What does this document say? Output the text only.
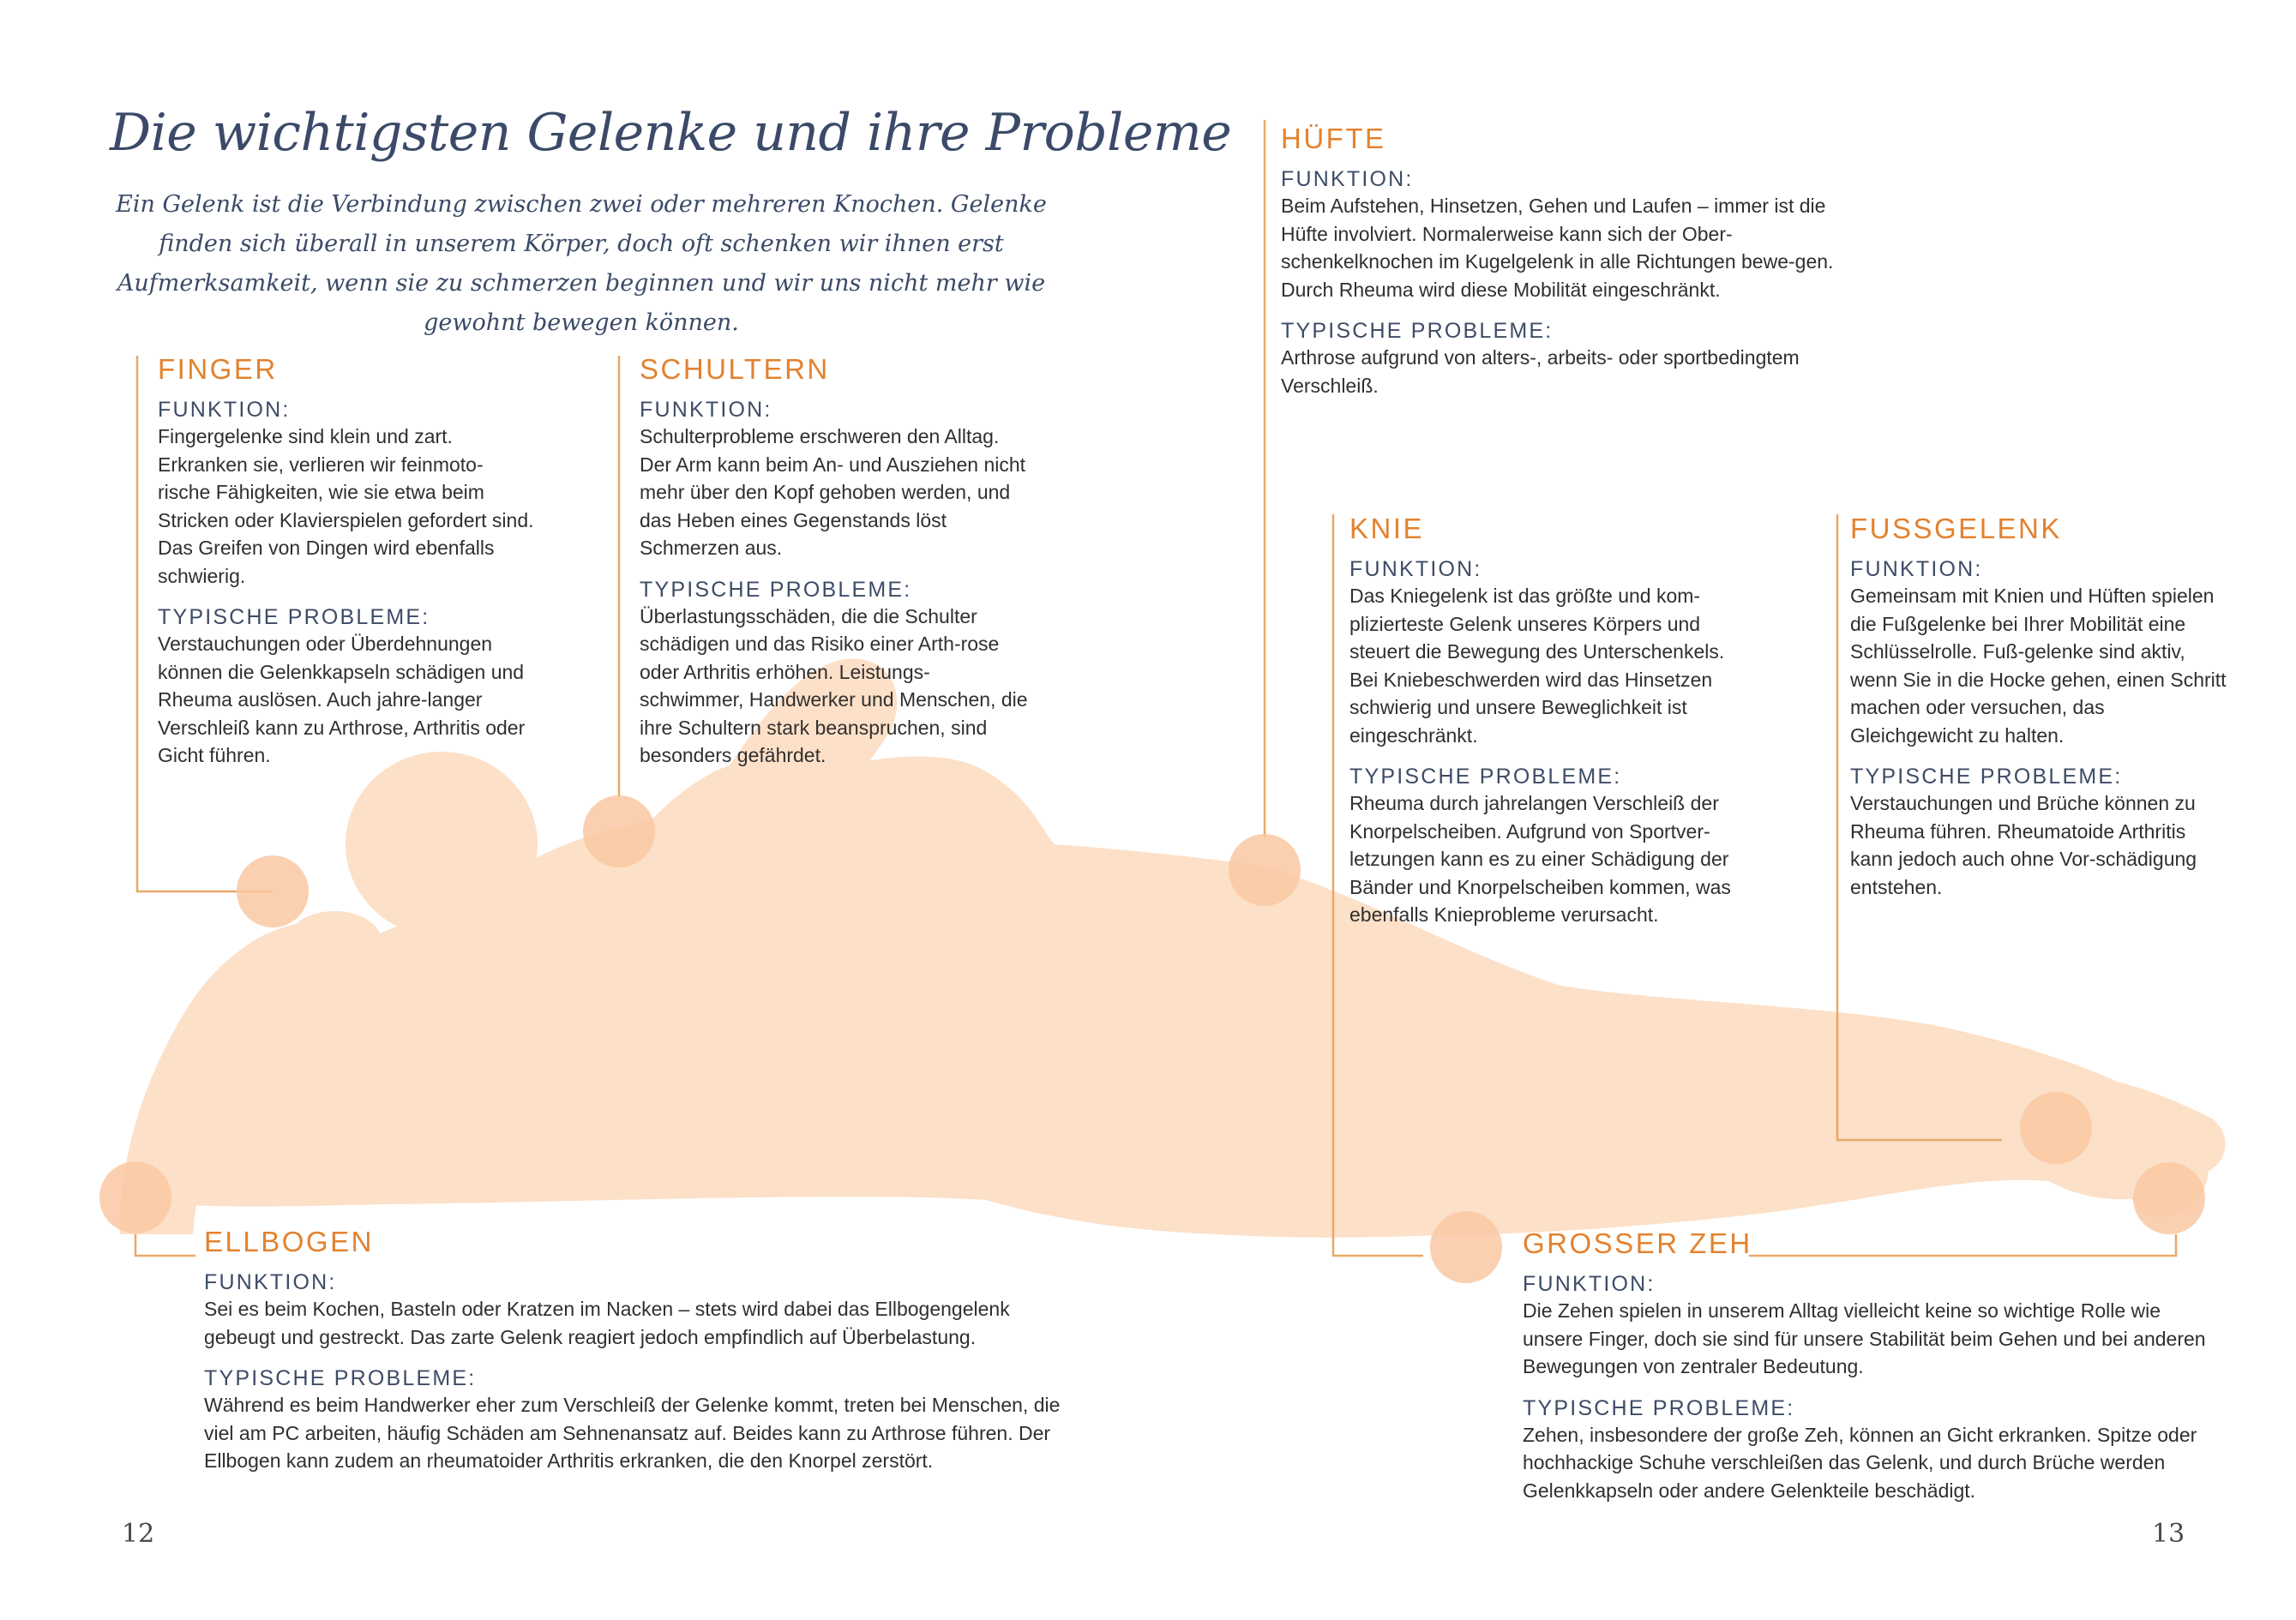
Die wichtigsten Gelenke und ihre Probleme

Ein Gelenk ist die Verbindung zwischen zwei oder mehreren Knochen. Gelenke finden sich überall in unserem Körper, doch oft schenken wir ihnen erst Aufmerksamkeit, wenn sie zu schmerzen beginnen und wir uns nicht mehr wie gewohnt bewegen können.

FINGER

FUNKTION:

Fingergelenke sind klein und zart. Erkranken sie, verlieren wir feinmoto-rische Fähigkeiten, wie sie etwa beim Stricken oder Klavierspielen gefordert sind. Das Greifen von Dingen wird ebenfalls schwierig.

TYPISCHE PROBLEME:

Verstauchungen oder Überdehnungen können die Gelenkkapseln schädigen und Rheuma auslösen. Auch jahre-langer Verschleiß kann zu Arthrose, Arthritis oder Gicht führen.

SCHULTERN

FUNKTION:

Schulterprobleme erschweren den Alltag. Der Arm kann beim An- und Ausziehen nicht mehr über den Kopf gehoben werden, und das Heben eines Gegenstands löst Schmerzen aus.

TYPISCHE PROBLEME:

Überlastungsschäden, die die Schulter schädigen und das Risiko einer Arth-rose oder Arthritis erhöhen. Leistungs-schwimmer, Handwerker und Menschen, die ihre Schultern stark beanspruchen, sind besonders gefährdet.

HÜFTE

FUNKTION:

Beim Aufstehen, Hinsetzen, Gehen und Laufen – immer ist die Hüfte involviert. Normalerweise kann sich der Ober-schenkelknochen im Kugelgelenk in alle Richtungen bewe-gen. Durch Rheuma wird diese Mobilität eingeschränkt.

TYPISCHE PROBLEME:

Arthrose aufgrund von alters-, arbeits- oder sportbedingtem Verschleiß.

KNIE

FUNKTION:

Das Kniegelenk ist das größte und kom-plizierteste Gelenk unseres Körpers und steuert die Bewegung des Unterschenkels. Bei Kniebeschwerden wird das Hinsetzen schwierig und unsere Beweglichkeit ist eingeschränkt.

TYPISCHE PROBLEME:

Rheuma durch jahrelangen Verschleiß der Knorpelscheiben. Aufgrund von Sportver-letzungen kann es zu einer Schädigung der Bänder und Knorpelscheiben kommen, was ebenfalls Knieprobleme verursacht.

FUSSGELENK

FUNKTION:

Gemeinsam mit Knien und Hüften spielen die Fußgelenke bei Ihrer Mobilität eine Schlüsselrolle. Fuß-gelenke sind aktiv, wenn Sie in die Hocke gehen, einen Schritt machen oder versuchen, das Gleichgewicht zu halten.

TYPISCHE PROBLEME:

Verstauchungen und Brüche können zu Rheuma führen. Rheumatoide Arthritis kann jedoch auch ohne Vor-schädigung entstehen.

ELLBOGEN

FUNKTION:

Sei es beim Kochen, Basteln oder Kratzen im Nacken – stets wird dabei das Ellbogengelenk gebeugt und gestreckt. Das zarte Gelenk reagiert jedoch empfindlich auf Überbelastung.

TYPISCHE PROBLEME:

Während es beim Handwerker eher zum Verschleiß der Gelenke kommt, treten bei Menschen, die viel am PC arbeiten, häufig Schäden am Sehnenansatz auf. Beides kann zu Arthrose führen. Der Ellbogen kann zudem an rheumatoider Arthritis erkranken, die den Knorpel zerstört.

GROSSER ZEH

FUNKTION:

Die Zehen spielen in unserem Alltag vielleicht keine so wichtige Rolle wie unsere Finger, doch sie sind für unsere Stabilität beim Gehen und bei anderen Bewegungen von zentraler Bedeutung.

TYPISCHE PROBLEME:

Zehen, insbesondere der große Zeh, können an Gicht erkranken. Spitze oder hochhackige Schuhe verschleißen das Gelenk, und durch Brüche werden Gelenkkapseln oder andere Gelenkteile beschädigt.

12	13
